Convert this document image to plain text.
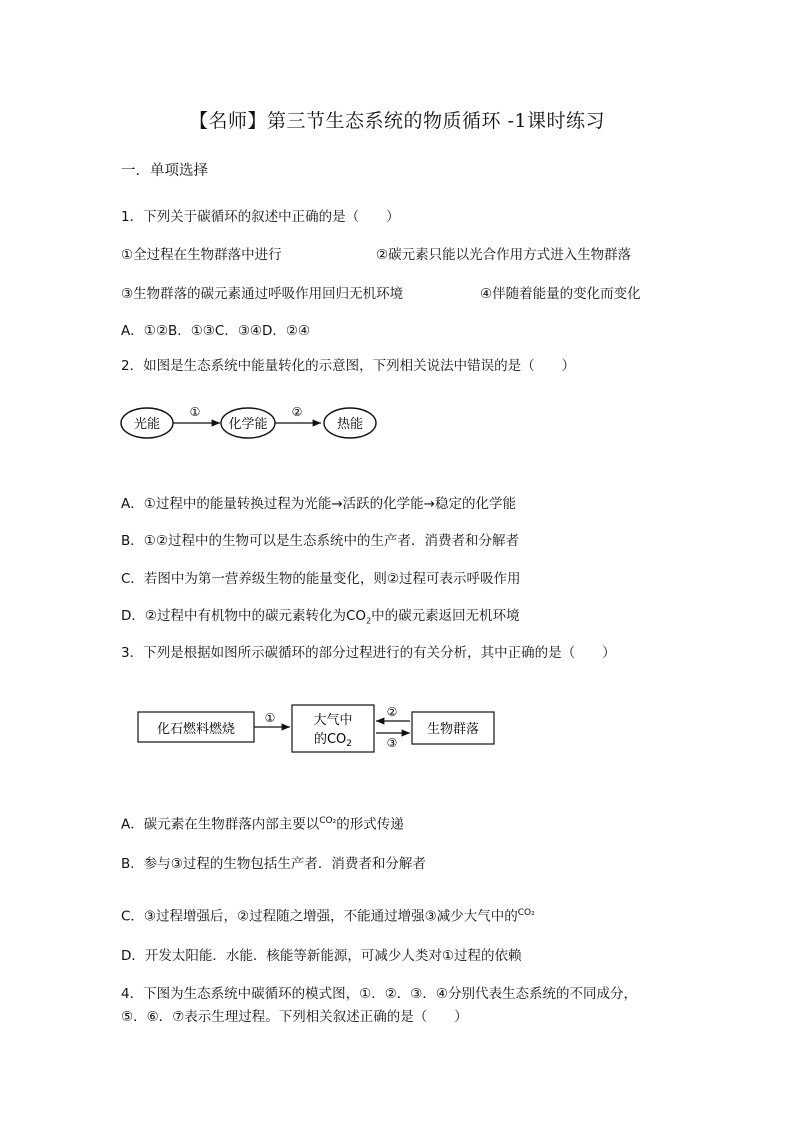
【名师】第三节生态系统的物质循环 -1课时练习
一．单项选择
1．下列关于碳循环的叙述中正确的是（　　）
①全过程在生物群落中进行	②碳元素只能以光合作用方式进入生物群落
③生物群落的碳元素通过呼吸作用回归无机环境	④伴随着能量的变化而变化
A．①②B．①③C．③④D．②④
2．如图是生态系统中能量转化的示意图，下列相关说法中错误的是（　　）
光能
①
化学能
②
热能
A．①过程中的能量转换过程为光能→活跃的化学能→稳定的化学能
B．①②过程中的生物可以是生态系统中的生产者．消费者和分解者
C．若图中为第一营养级生物的能量变化，则②过程可表示呼吸作用
D．②过程中有机物中的碳元素转化为$CO_2$中的碳元素返回无机环境
3．下列是根据如图所示碳循环的部分过程进行的有关分析，其中正确的是（　　）
化石燃料燃烧
①	大气中
的$CO_2$
②
③
生物群落
A．碳元素在生物群落内部主要以$^{CO_2}$的形式传递
B．参与③过程的生物包括生产者．消费者和分解者
C．③过程增强后，②过程随之增强，不能通过增强③减少大气中的$^{CO_2}$
D．开发太阳能．水能．核能等新能源，可减少人类对①过程的依赖
4．下图为生态系统中碳循环的模式图，①．②．③．④分别代表生态系统的不同成分，
⑤．⑥．⑦表示生理过程。下列相关叙述正确的是（　　）
